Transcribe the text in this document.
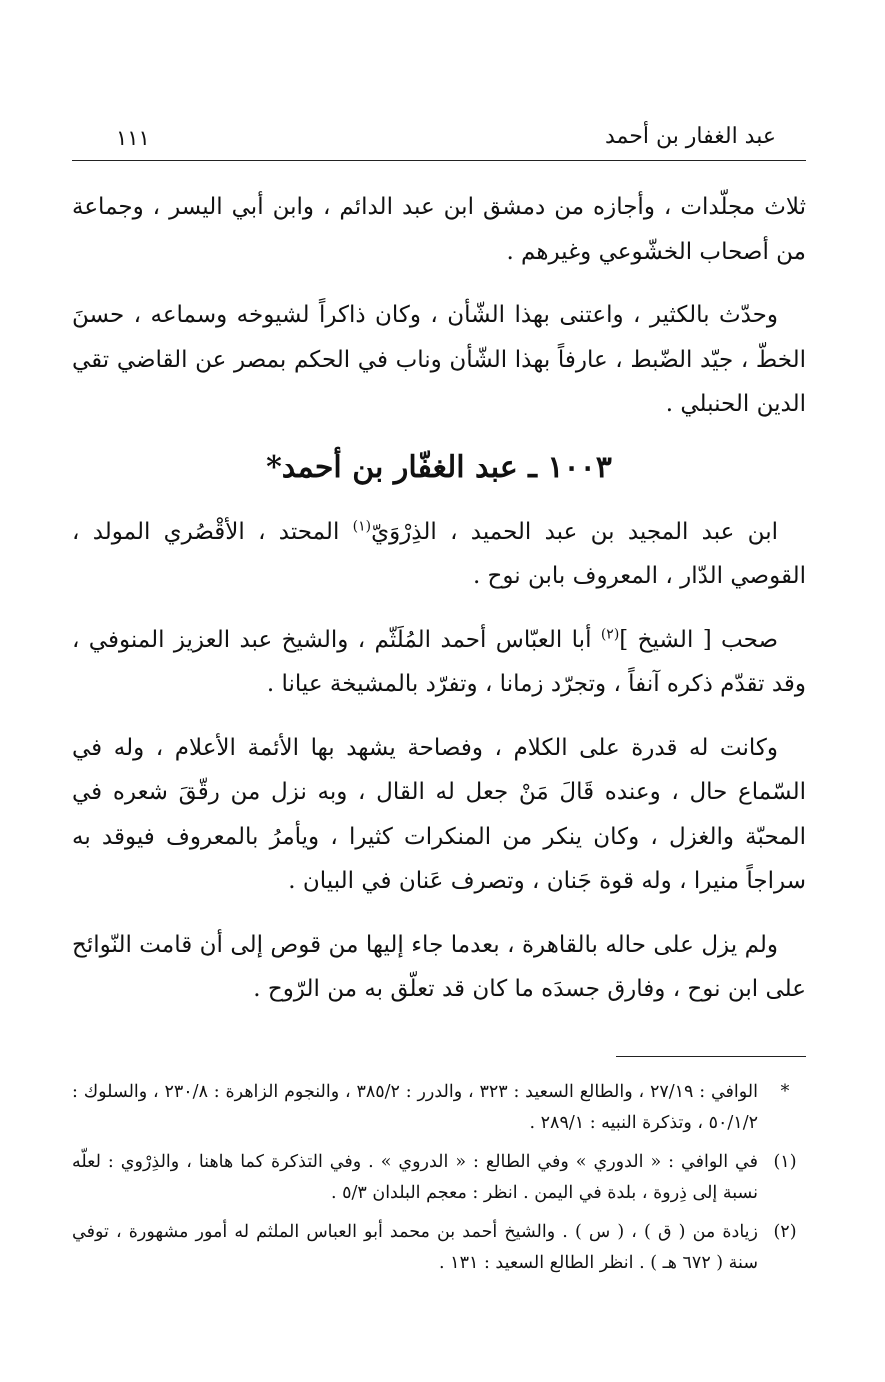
عبد الغفار بن أحمد
١١١

ثلاث مجلّدات ، وأجازه من دمشق ابن عبد الدائم ، وابن أبي اليسر ، وجماعة من أصحاب الخشّوعي وغيرهم .

وحدّث بالكثير ، واعتنى بهذا الشّأن ، وكان ذاكراً لشيوخه وسماعه ، حسنَ الخطّ ، جيّد الضّبط ، عارفاً بهذا الشّأن وناب في الحكم بمصر عن القاضي تقي الدين الحنبلي .

١٠٠٣ ـ عبد الغفّار بن أحمد*

ابن عبد المجيد بن عبد الحميد ، الذِرْوَيّ$^{(١)}$ المحتد ، الأقْصُري المولد ، القوصي الدّار ، المعروف بابن نوح .

صحب [ الشيخ ]$^{(٢)}$ أبا العبّاس أحمد المُلَثّم ، والشيخ عبد العزيز المنوفي ، وقد تقدّم ذكره آنفاً ، وتجرّد زمانا ، وتفرّد بالمشيخة عيانا .

وكانت له قدرة على الكلام ، وفصاحة يشهد بها الأئمة الأعلام ، وله في السّماع حال ، وعنده قَالَ مَنْ جعل له القال ، وبه نزل من رقّقَ شعره في المحبّة والغزل ، وكان ينكر من المنكرات كثيرا ، ويأمرُ بالمعروف فيوقد به سراجاً منيرا ، وله قوة جَنان ، وتصرف عَنان في البيان .

ولم يزل على حاله بالقاهرة ، بعدما جاء إليها من قوص إلى أن قامت النّوائح على ابن نوح ، وفارق جسدَه ما كان قد تعلّق به من الرّوح .

*
الوافي : ٢٧/١٩ ، والطالع السعيد : ٣٢٣ ، والدرر : ٣٨٥/٢ ، والنجوم الزاهرة : ٢٣٠/٨ ، والسلوك : ٥٠/١/٢ ، وتذكرة النبيه : ٢٨٩/١ .
(١)
في الوافي : « الدوري » وفي الطالع : « الدروي » . وفي التذكرة كما هاهنا ، والذِرْوي : لعلّه نسبة إلى ذِروة ، بلدة في اليمن . انظر : معجم البلدان ٥/٣ .
(٢)
زيادة من ( ق ) ، ( س ) . والشيخ أحمد بن محمد أبو العباس الملثم له أمور مشهورة ، توفي سنة ( ٦٧٢ هـ ) . انظر الطالع السعيد : ١٣١ .
